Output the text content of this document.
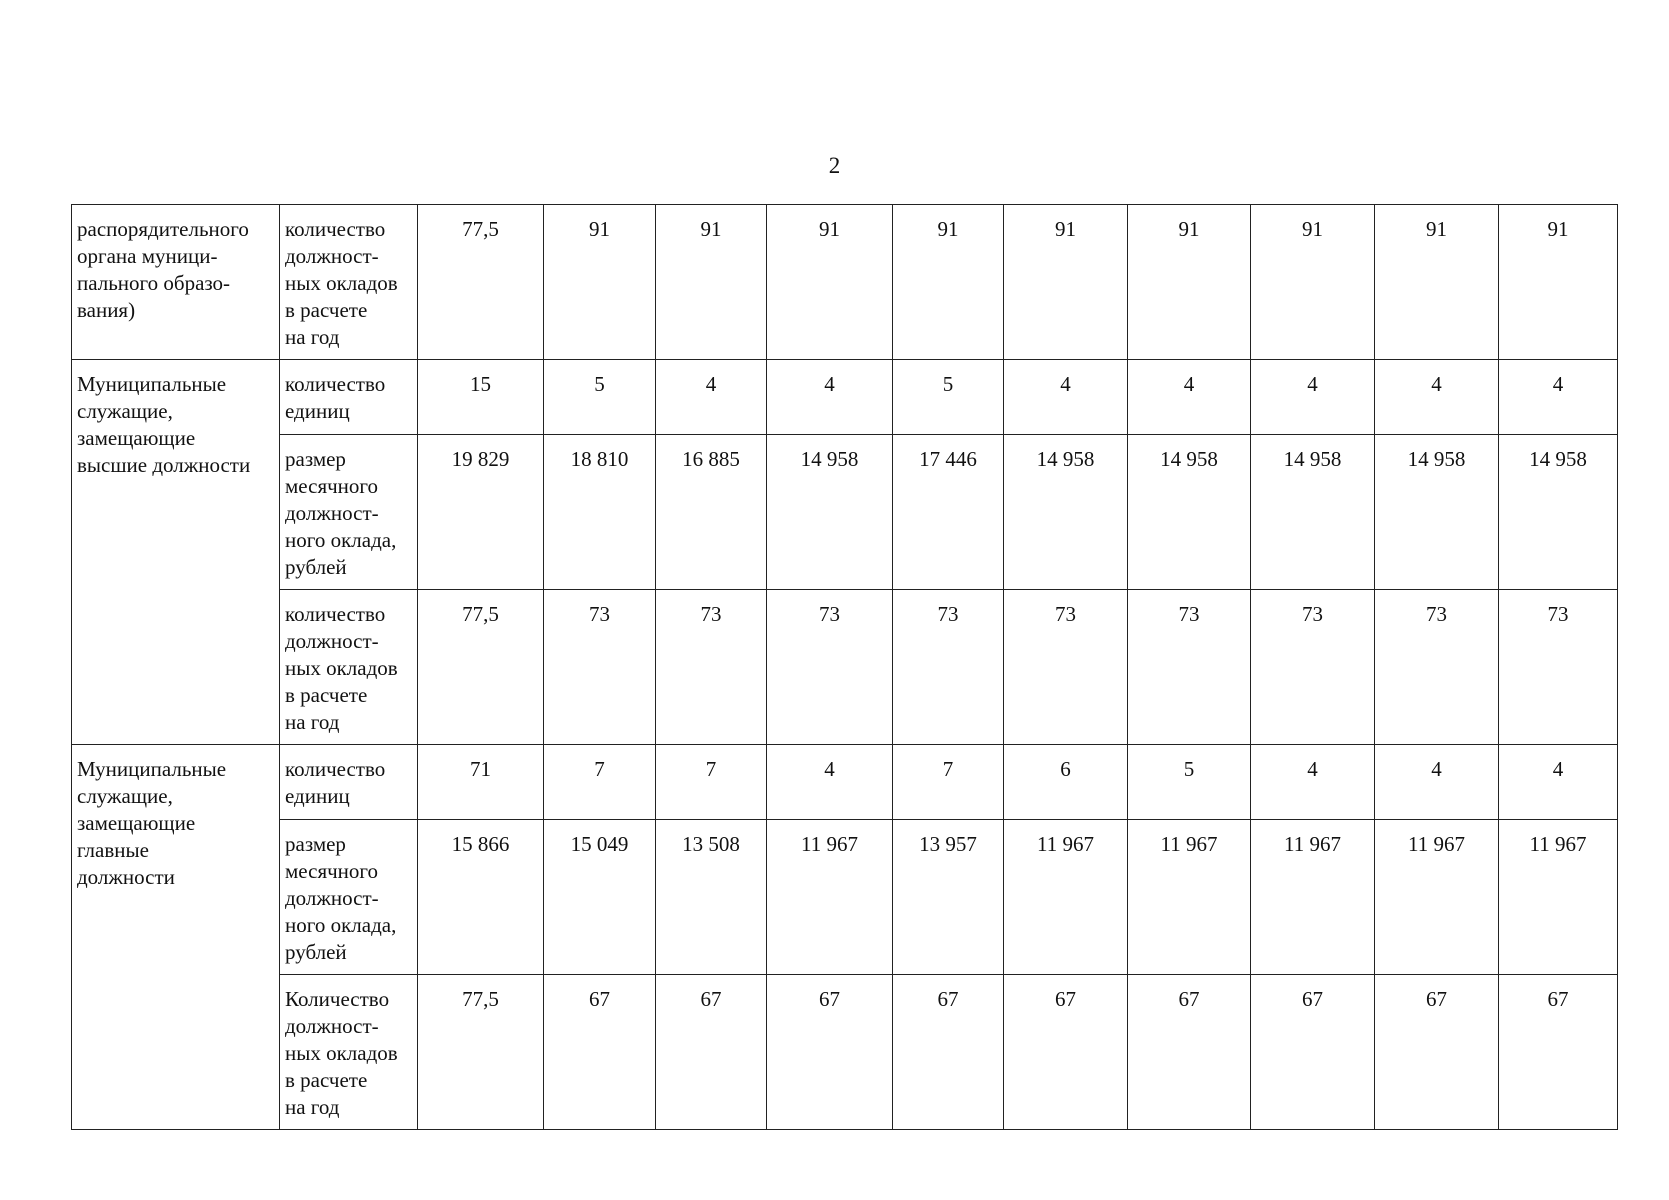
2
распорядительного
органа муници-
пального образо-
вания)	количество
должност-
ных окладов
в расчете
на год	77,5	91	91	91	91	91	91	91	91	91
Муниципальные
служащие,
замещающие
высшие должности	количество
единиц	15	5	4	4	5	4	4	4	4	4
	размер
месячного
должност-
ного оклада,
рублей	19 829	18 810	16 885	14 958	17 446	14 958	14 958	14 958	14 958	14 958
	количество
должност-
ных окладов
в расчете
на год	77,5	73	73	73	73	73	73	73	73	73
Муниципальные
служащие,
замещающие
главные
должности	количество
единиц	71	7	7	4	7	6	5	4	4	4
	размер
месячного
должност-
ного оклада,
рублей	15 866	15 049	13 508	11 967	13 957	11 967	11 967	11 967	11 967	11 967
	Количество
должност-
ных окладов
в расчете
на год	77,5	67	67	67	67	67	67	67	67	67
